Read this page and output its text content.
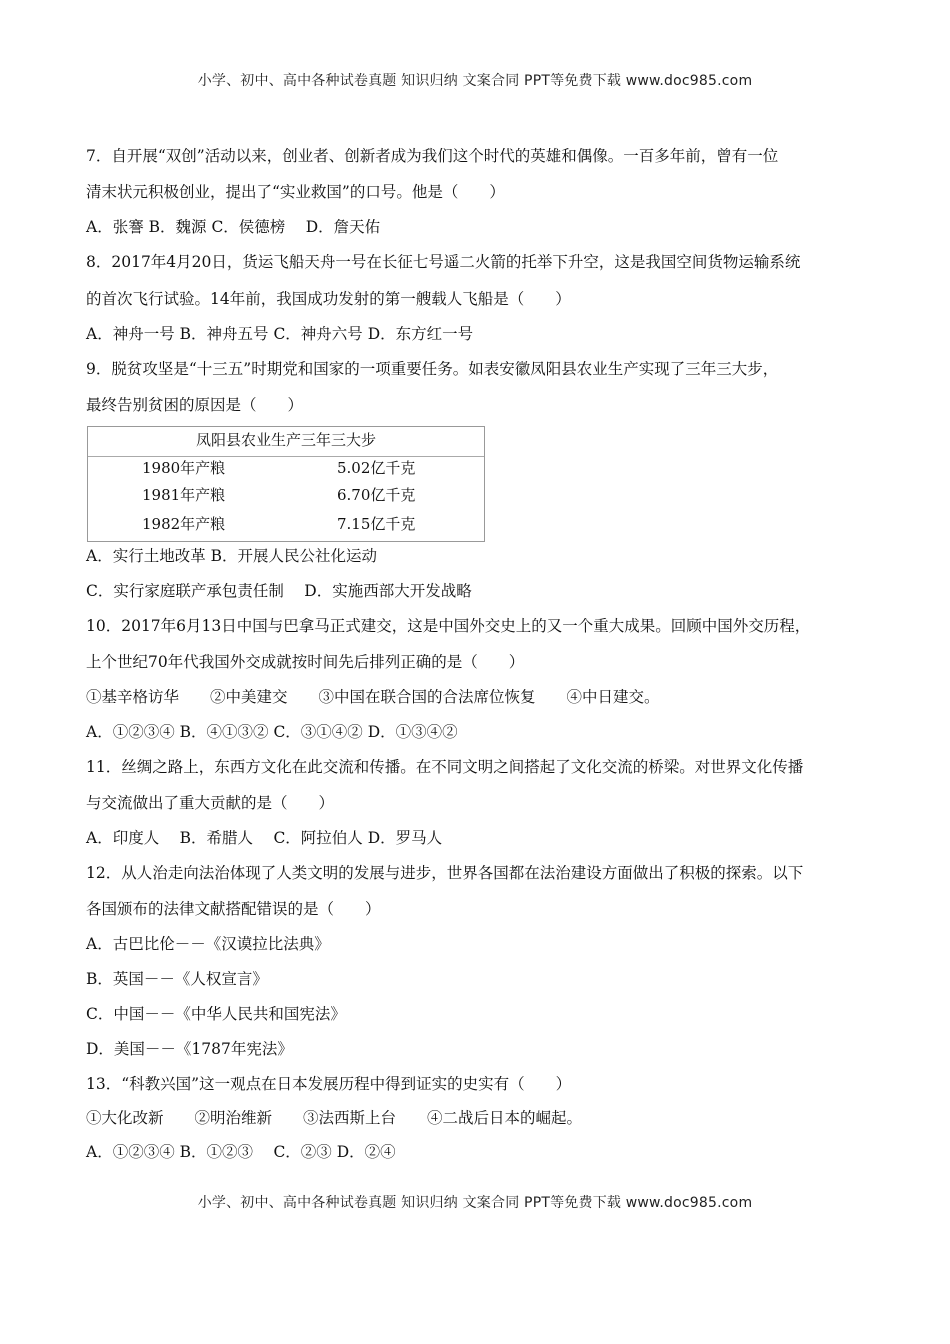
小学、初中、高中各种试卷真题 知识归纳 文案合同 PPT等免费下载 www.doc985.com
7．自开展“双创”活动以来，创业者、创新者成为我们这个时代的英雄和偶像。一百多年前，曾有一位
清末状元积极创业，提出了“实业救国”的口号。他是（　　）
A．张謇 B．魏源 C．侯德榜　 D．詹天佑
8．2017年4月20日，货运飞船天舟一号在长征七号遥二火箭的托举下升空，这是我国空间货物运输系统
的首次飞行试验。14年前，我国成功发射的第一艘载人飞船是（　　）
A．神舟一号 B．神舟五号 C．神舟六号 D．东方红一号
9．脱贫攻坚是“十三五”时期党和国家的一项重要任务。如表安徽凤阳县农业生产实现了三年三大步，
最终告别贫困的原因是（　　）
凤阳县农业生产三年三大步
1980年产粮	5.02亿千克
1981年产粮	6.70亿千克
1982年产粮	7.15亿千克
A．实行土地改革 B．开展人民公社化运动
C．实行家庭联产承包责任制　 D．实施西部大开发战略
10．2017年6月13日中国与巴拿马正式建交，这是中国外交史上的又一个重大成果。回顾中国外交历程，
上个世纪70年代我国外交成就按时间先后排列正确的是（　　）
①基辛格访华　　②中美建交　　③中国在联合国的合法席位恢复　　④中日建交。
A．①②③④ B．④①③② C．③①④② D．①③④②
11．丝绸之路上，东西方文化在此交流和传播。在不同文明之间搭起了文化交流的桥梁。对世界文化传播
与交流做出了重大贡献的是（　　）
A．印度人　 B．希腊人　 C．阿拉伯人 D．罗马人
12．从人治走向法治体现了人类文明的发展与进步，世界各国都在法治建设方面做出了积极的探索。以下
各国颁布的法律文献搭配错误的是（　　）
A．古巴比伦－－《汉谟拉比法典》
B．英国－－《人权宣言》
C．中国－－《中华人民共和国宪法》
D．美国－－《1787年宪法》
13．“科教兴国”这一观点在日本发展历程中得到证实的史实有（　　）
①大化改新　　②明治维新　　③法西斯上台　　④二战后日本的崛起。
A．①②③④ B．①②③　 C．②③ D．②④
小学、初中、高中各种试卷真题 知识归纳 文案合同 PPT等免费下载 www.doc985.com
